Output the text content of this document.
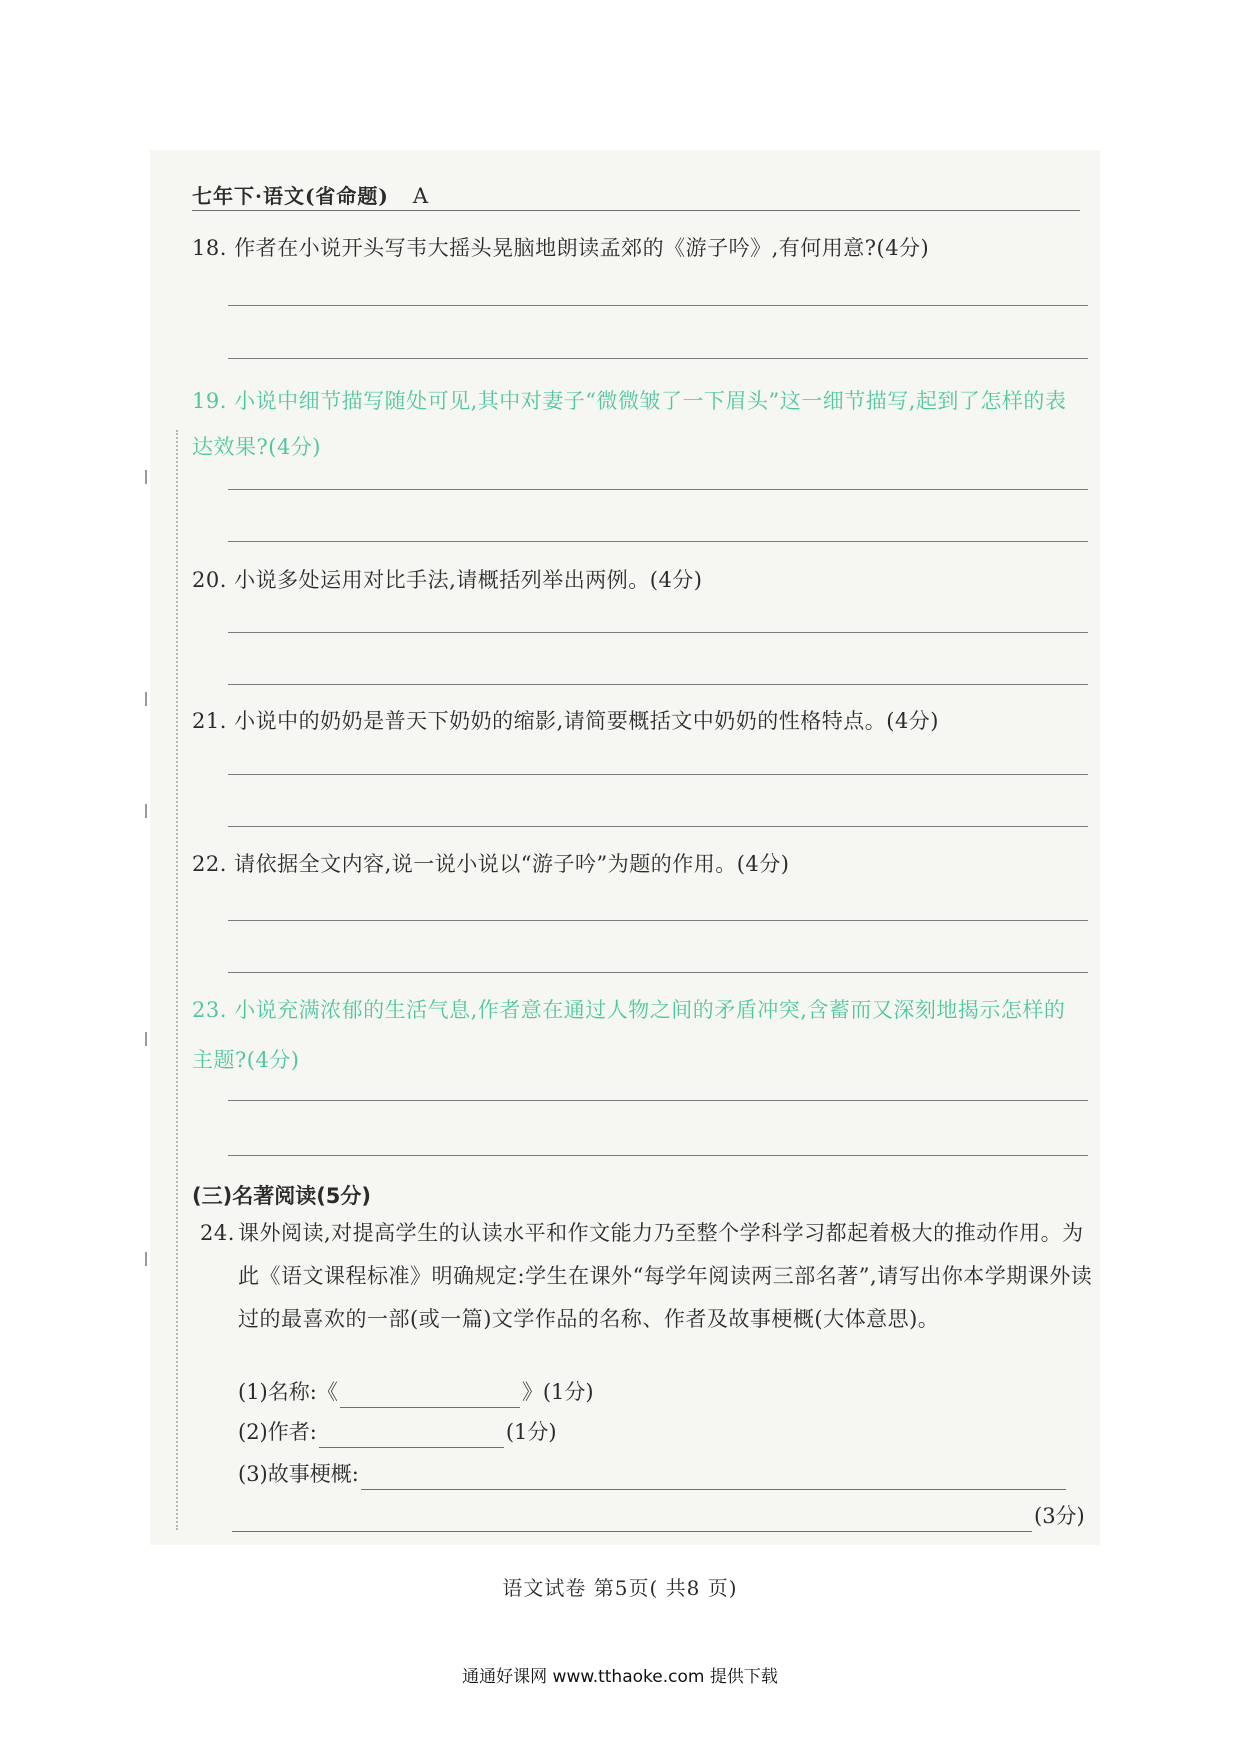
七年下·语文(省命题) A
18. 作者在小说开头写韦大摇头晃脑地朗读孟郊的《游子吟》,有何用意?(4分)
19. 小说中细节描写随处可见,其中对妻子“微微皱了一下眉头”这一细节描写,起到了怎样的表达效果?(4分)
20. 小说多处运用对比手法,请概括列举出两例。(4分)
21. 小说中的奶奶是普天下奶奶的缩影,请简要概括文中奶奶的性格特点。(4分)
22. 请依据全文内容,说一说小说以“游子吟”为题的作用。(4分)
23. 小说充满浓郁的生活气息,作者意在通过人物之间的矛盾冲突,含蓄而又深刻地揭示怎样的主题?(4分)
(三)名著阅读(5分)
24. 课外阅读,对提高学生的认读水平和作文能力乃至整个学科学习都起着极大的推动作用。为此《语文课程标准》明确规定:学生在课外“每学年阅读两三部名著”,请写出你本学期课外读过的最喜欢的一部(或一篇)文学作品的名称、作者及故事梗概(大体意思)。
(1)名称:《	》(1分)
(2)作者:	(1分)
(3)故事梗概:
(3分)
语文试卷 第5页( 共8 页)
通通好课网 www.tthaoke.com 提供下载
